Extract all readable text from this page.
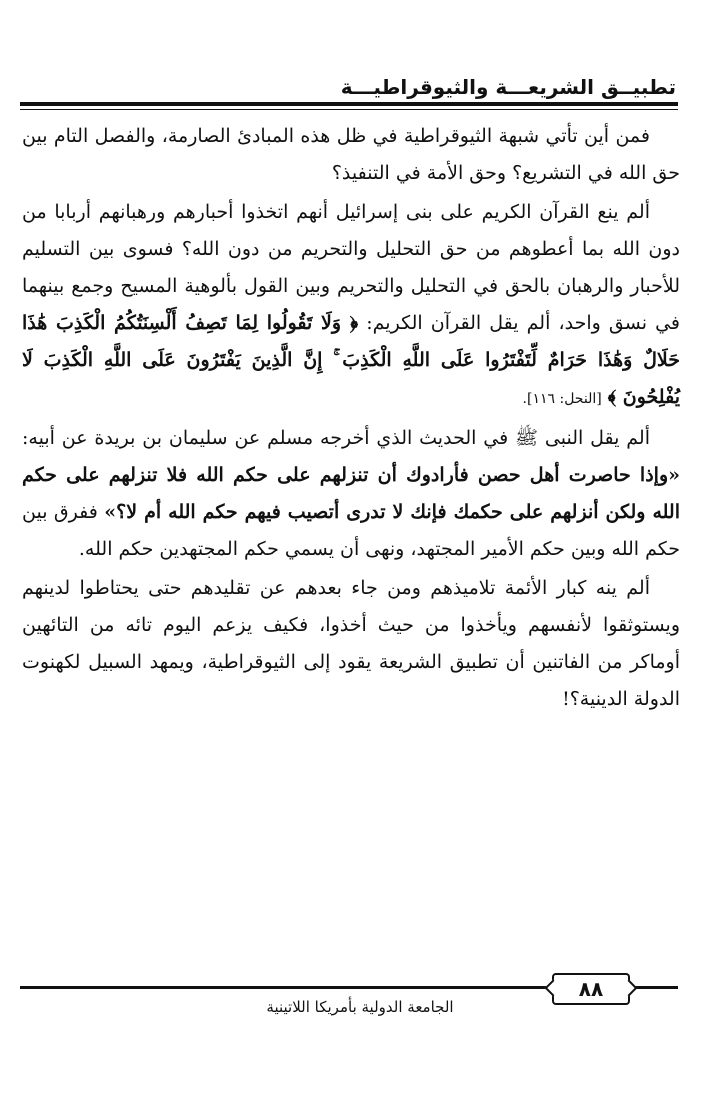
تطبيــق الشريعـــة والثيوقراطيـــة

فمن أين تأتي شبهة الثيوقراطية في ظل هذه المبادئ الصارمة، والفصل التام بين حق الله في التشريع؟ وحق الأمة في التنفيذ؟

ألم ينع القرآن الكريم على بنى إسرائيل أنهم اتخذوا أحبارهم ورهبانهم أربابا من دون الله بما أعطوهم من حق التحليل والتحريم من دون الله؟ فسوى بين التسليم للأحبار والرهبان بالحق في التحليل والتحريم وبين القول بألوهية المسيح وجمع بينهما في نسق واحد، ألم يقل القرآن الكريم: ﴿ وَلَا تَقُولُوا لِمَا تَصِفُ أَلْسِنَتُكُمُ الْكَذِبَ هَٰذَا حَلَالٌ وَهَٰذَا حَرَامٌ لِّتَفْتَرُوا عَلَى اللَّهِ الْكَذِبَ ۚ إِنَّ الَّذِينَ يَفْتَرُونَ عَلَى اللَّهِ الْكَذِبَ لَا يُفْلِحُونَ ﴾ [النحل: ١١٦].

ألم يقل النبى ﷺ في الحديث الذي أخرجه مسلم عن سليمان بن بريدة عن أبيه: «وإذا حاصرت أهل حصن فأرادوك أن تنزلهم على حكم الله فلا تنزلهم على حكم الله ولكن أنزلهم على حكمك فإنك لا تدرى أتصيب فيهم حكم الله أم لا؟» ففرق بين حكم الله وبين حكم الأمير المجتهد، ونهى أن يسمي حكم المجتهدين حكم الله.

ألم ينه كبار الأئمة تلاميذهم ومن جاء بعدهم عن تقليدهم حتى يحتاطوا لدينهم ويستوثقوا لأنفسهم ويأخذوا من حيث أخذوا، فكيف يزعم اليوم تائه من التائهين أوماكر من الفاتنين أن تطبيق الشريعة يقود إلى الثيوقراطية، ويمهد السبيل لكهنوت الدولة الدينية؟!

٨٨
الجامعة الدولية بأمريكا اللاتينية
